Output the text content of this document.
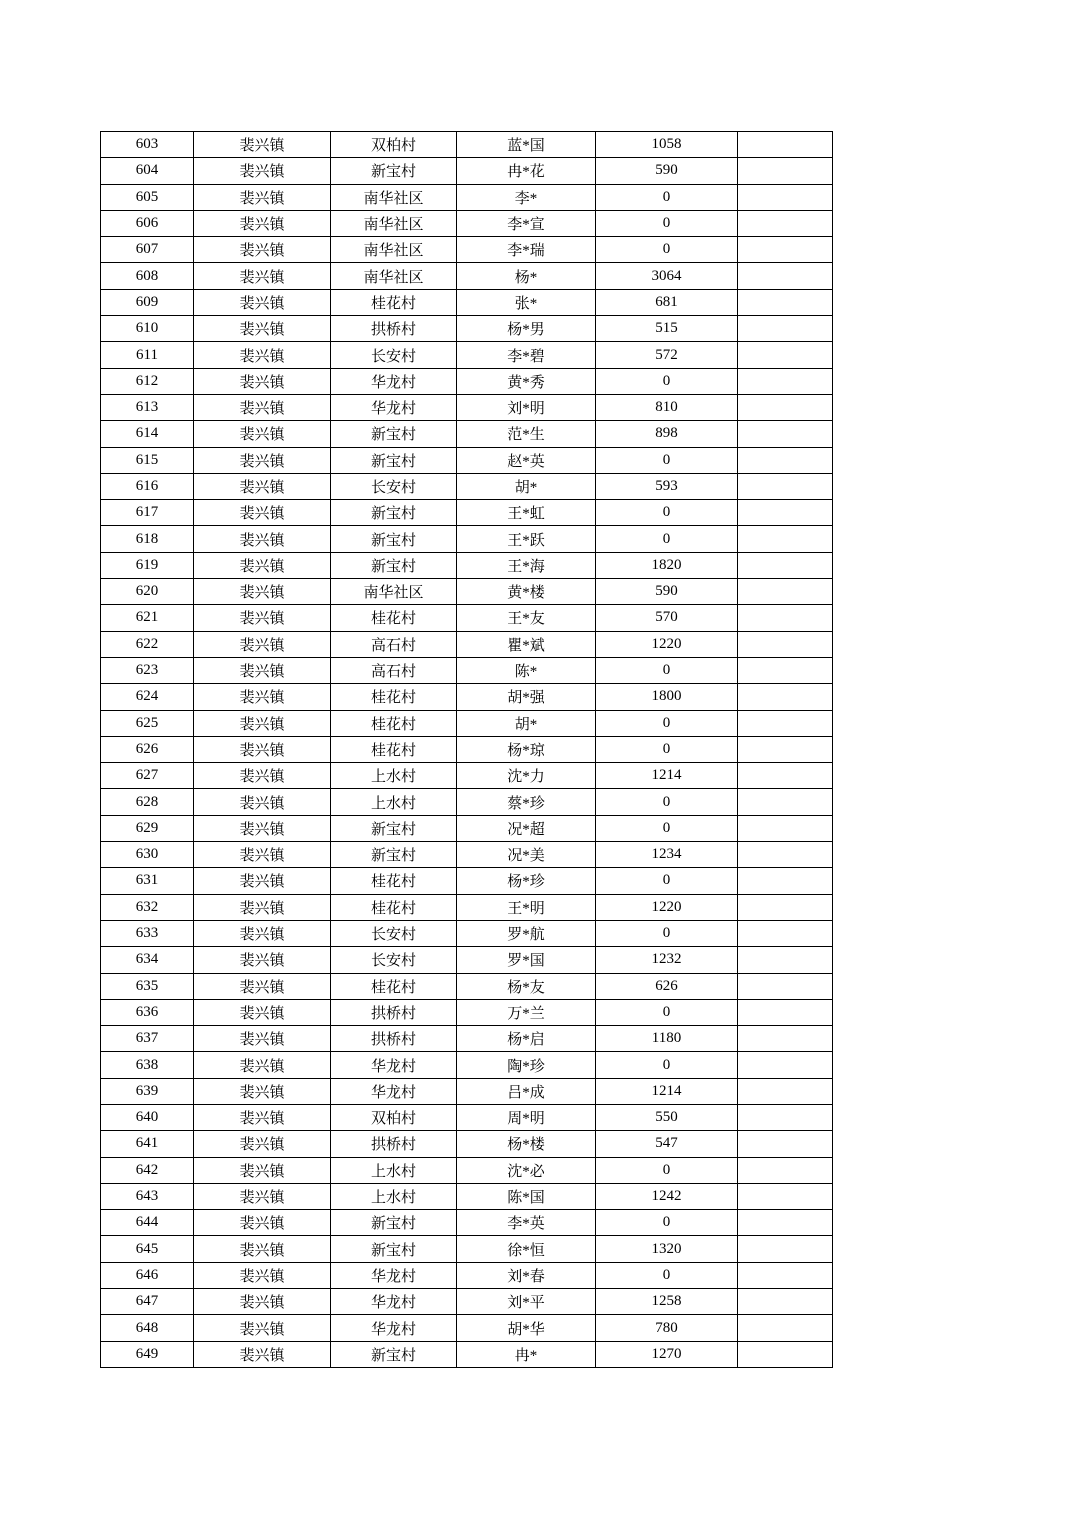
603	裴兴镇	双柏村	蓝*国	1058	
604	裴兴镇	新宝村	冉*花	590	
605	裴兴镇	南华社区	李*	0	
606	裴兴镇	南华社区	李*宣	0	
607	裴兴镇	南华社区	李*瑞	0	
608	裴兴镇	南华社区	杨*	3064	
609	裴兴镇	桂花村	张*	681	
610	裴兴镇	拱桥村	杨*男	515	
611	裴兴镇	长安村	李*碧	572	
612	裴兴镇	华龙村	黄*秀	0	
613	裴兴镇	华龙村	刘*明	810	
614	裴兴镇	新宝村	范*生	898	
615	裴兴镇	新宝村	赵*英	0	
616	裴兴镇	长安村	胡*	593	
617	裴兴镇	新宝村	王*虹	0	
618	裴兴镇	新宝村	王*跃	0	
619	裴兴镇	新宝村	王*海	1820	
620	裴兴镇	南华社区	黄*楼	590	
621	裴兴镇	桂花村	王*友	570	
622	裴兴镇	高石村	瞿*斌	1220	
623	裴兴镇	高石村	陈*	0	
624	裴兴镇	桂花村	胡*强	1800	
625	裴兴镇	桂花村	胡*	0	
626	裴兴镇	桂花村	杨*琼	0	
627	裴兴镇	上水村	沈*力	1214	
628	裴兴镇	上水村	蔡*珍	0	
629	裴兴镇	新宝村	况*超	0	
630	裴兴镇	新宝村	况*美	1234	
631	裴兴镇	桂花村	杨*珍	0	
632	裴兴镇	桂花村	王*明	1220	
633	裴兴镇	长安村	罗*航	0	
634	裴兴镇	长安村	罗*国	1232	
635	裴兴镇	桂花村	杨*友	626	
636	裴兴镇	拱桥村	万*兰	0	
637	裴兴镇	拱桥村	杨*启	1180	
638	裴兴镇	华龙村	陶*珍	0	
639	裴兴镇	华龙村	吕*成	1214	
640	裴兴镇	双柏村	周*明	550	
641	裴兴镇	拱桥村	杨*楼	547	
642	裴兴镇	上水村	沈*必	0	
643	裴兴镇	上水村	陈*国	1242	
644	裴兴镇	新宝村	李*英	0	
645	裴兴镇	新宝村	徐*恒	1320	
646	裴兴镇	华龙村	刘*春	0	
647	裴兴镇	华龙村	刘*平	1258	
648	裴兴镇	华龙村	胡*华	780	
649	裴兴镇	新宝村	冉*	1270	
